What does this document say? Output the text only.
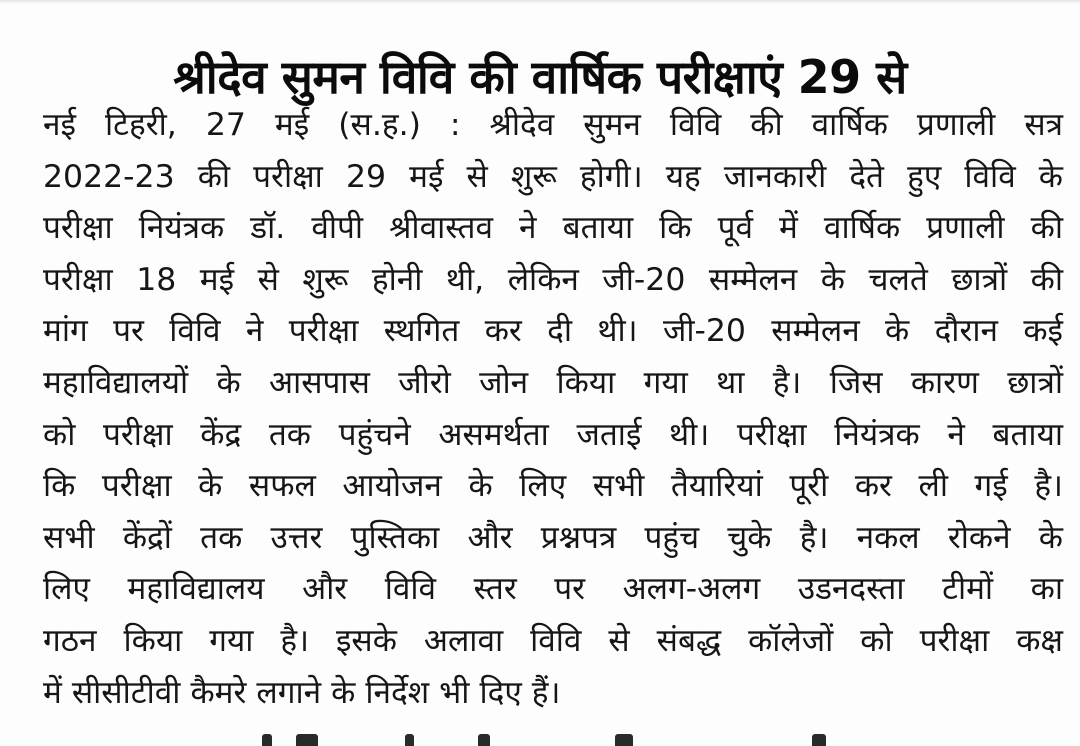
श्रीदेव सुमन विवि की वार्षिक परीक्षाएं 29 से
नई टिहरी, 27 मई (स.ह.) : श्रीदेव सुमन विवि की वार्षिक प्रणाली सत्र
2022-23 की परीक्षा 29 मई से शुरू होगी। यह जानकारी देते हुए विवि के
परीक्षा नियंत्रक डॉ. वीपी श्रीवास्तव ने बताया कि पूर्व में वार्षिक प्रणाली की
परीक्षा 18 मई से शुरू होनी थी, लेकिन जी-20 सम्मेलन के चलते छात्रों की
मांग पर विवि ने परीक्षा स्थगित कर दी थी। जी-20 सम्मेलन के दौरान कई
महाविद्यालयों के आसपास जीरो जोन किया गया था है। जिस कारण छात्रों
को परीक्षा केंद्र तक पहुंचने असमर्थता जताई थी। परीक्षा नियंत्रक ने बताया
कि परीक्षा के सफल आयोजन के लिए सभी तैयारियां पूरी कर ली गई है।
सभी केंद्रों तक उत्तर पुस्तिका और प्रश्नपत्र पहुंच चुके है। नकल रोकने के
लिए महाविद्यालय और विवि स्तर पर अलग-अलग उडनदस्ता टीमों का
गठन किया गया है। इसके अलावा विवि से संबद्ध कॉलेजों को परीक्षा कक्ष
में सीसीटीवी कैमरे लगाने के निर्देश भी दिए हैं।
